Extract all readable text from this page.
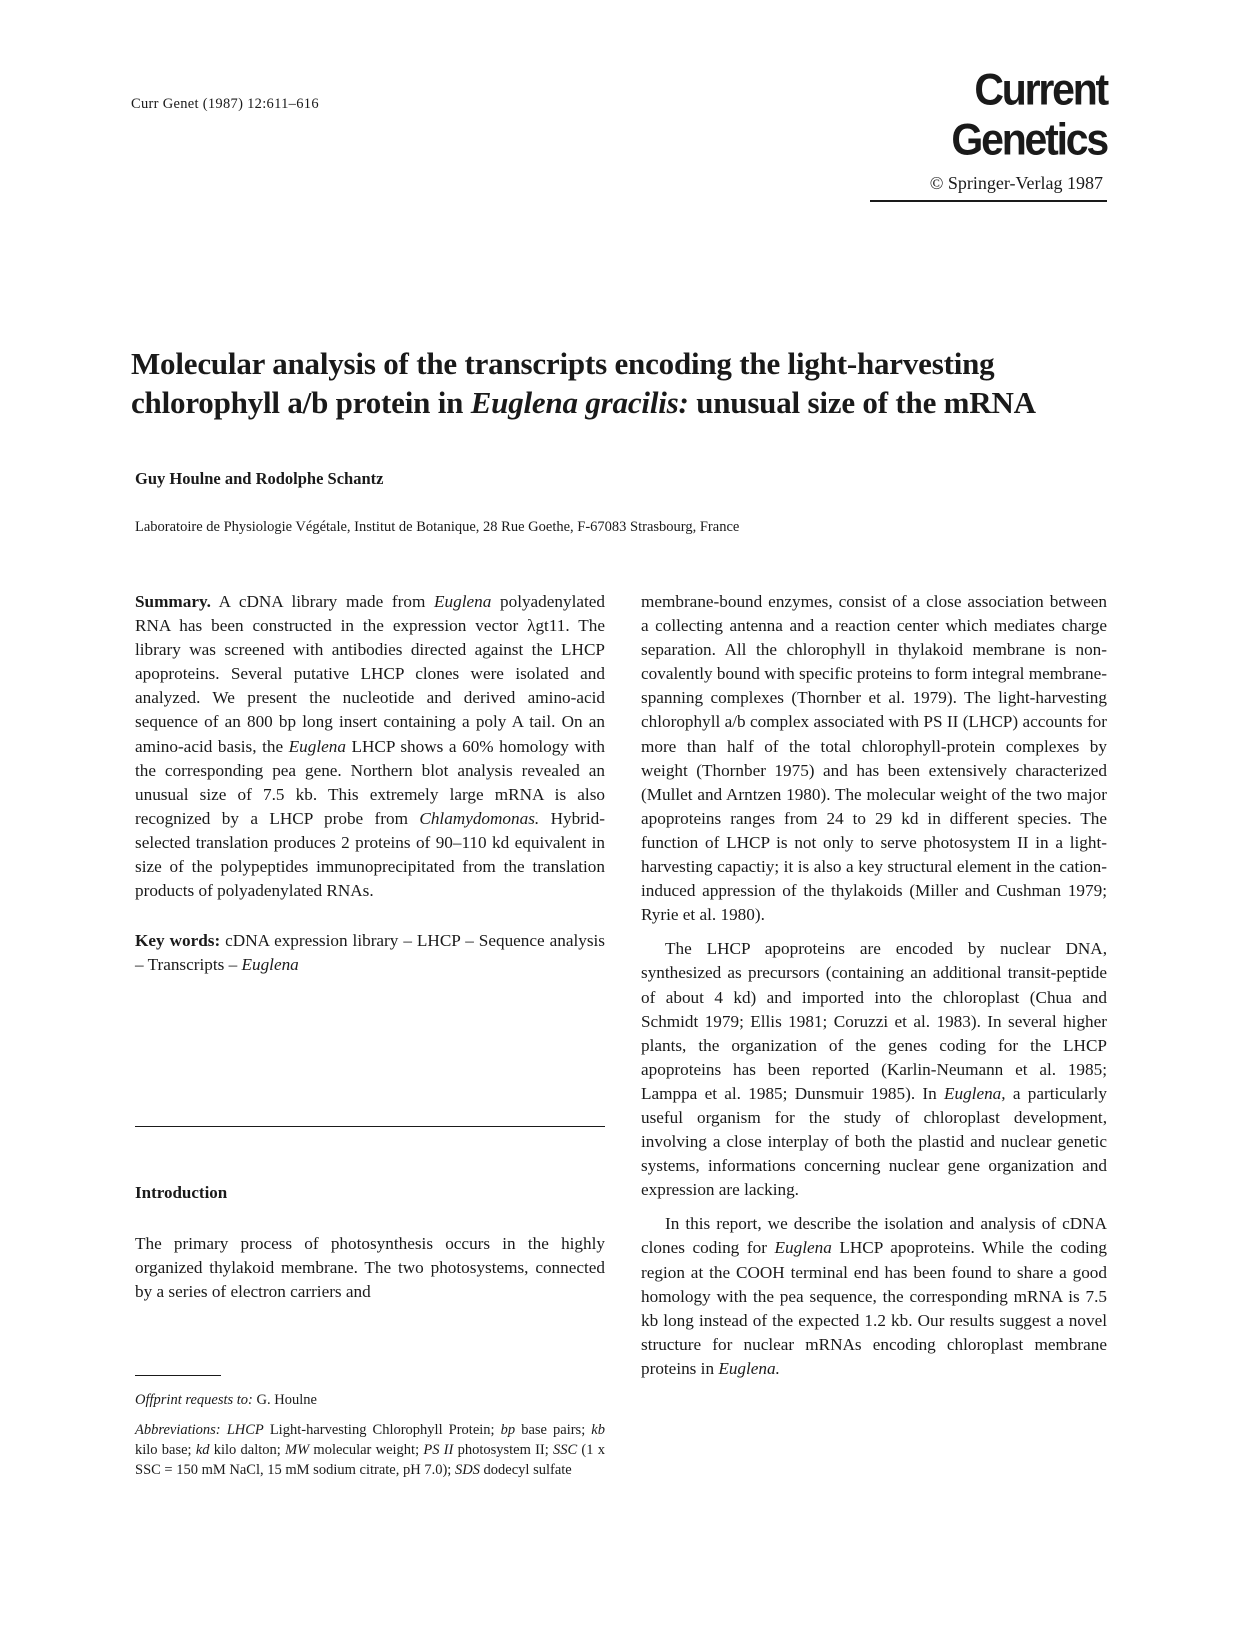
Curr Genet (1987) 12:611–616	Current Genetics
© Springer-Verlag 1987
Molecular analysis of the transcripts encoding the light-harvesting chlorophyll a/b protein in Euglena gracilis: unusual size of the mRNA
Guy Houlne and Rodolphe Schantz
Laboratoire de Physiologie Végétale, Institut de Botanique, 28 Rue Goethe, F-67083 Strasbourg, France

Summary. A cDNA library made from Euglena polyadenylated RNA has been constructed in the expression vector λgt11. The library was screened with antibodies directed against the LHCP apoproteins. Several putative LHCP clones were isolated and analyzed. We present the nucleotide and derived amino-acid sequence of an 800 bp long insert containing a poly A tail. On an amino-acid basis, the Euglena LHCP shows a 60% homology with the corresponding pea gene. Northern blot analysis revealed an unusual size of 7.5 kb. This extremely large mRNA is also recognized by a LHCP probe from Chlamydomonas. Hybrid-selected translation produces 2 proteins of 90–110 kd equivalent in size of the polypeptides immunoprecipitated from the translation products of polyadenylated RNAs.

Key words: cDNA expression library – LHCP – Sequence analysis – Transcripts – Euglena

Introduction
The primary process of photosynthesis occurs in the highly organized thylakoid membrane. The two photosystems, connected by a series of electron carriers and

Offprint requests to: G. Houlne

Abbreviations: LHCP Light-harvesting Chlorophyll Protein; bp base pairs; kb kilo base; kd kilo dalton; MW molecular weight; PS II photosystem II; SSC (1 x SSC = 150 mM NaCl, 15 mM sodium citrate, pH 7.0); SDS dodecyl sulfate

membrane-bound enzymes, consist of a close association between a collecting antenna and a reaction center which mediates charge separation. All the chlorophyll in thylakoid membrane is non-covalently bound with specific proteins to form integral membrane-spanning complexes (Thornber et al. 1979). The light-harvesting chlorophyll a/b complex associated with PS II (LHCP) accounts for more than half of the total chlorophyll-protein complexes by weight (Thornber 1975) and has been extensively characterized (Mullet and Arntzen 1980). The molecular weight of the two major apoproteins ranges from 24 to 29 kd in different species. The function of LHCP is not only to serve photosystem II in a light-harvesting capactiy; it is also a key structural element in the cation-induced appression of the thylakoids (Miller and Cushman 1979; Ryrie et al. 1980).

The LHCP apoproteins are encoded by nuclear DNA, synthesized as precursors (containing an additional transit-peptide of about 4 kd) and imported into the chloroplast (Chua and Schmidt 1979; Ellis 1981; Coruzzi et al. 1983). In several higher plants, the organization of the genes coding for the LHCP apoproteins has been reported (Karlin-Neumann et al. 1985; Lamppa et al. 1985; Dunsmuir 1985). In Euglena, a particularly useful organism for the study of chloroplast development, involving a close interplay of both the plastid and nuclear genetic systems, informations concerning nuclear gene organization and expression are lacking.

In this report, we describe the isolation and analysis of cDNA clones coding for Euglena LHCP apoproteins. While the coding region at the COOH terminal end has been found to share a good homology with the pea sequence, the corresponding mRNA is 7.5 kb long instead of the expected 1.2 kb. Our results suggest a novel structure for nuclear mRNAs encoding chloroplast membrane proteins in Euglena.
